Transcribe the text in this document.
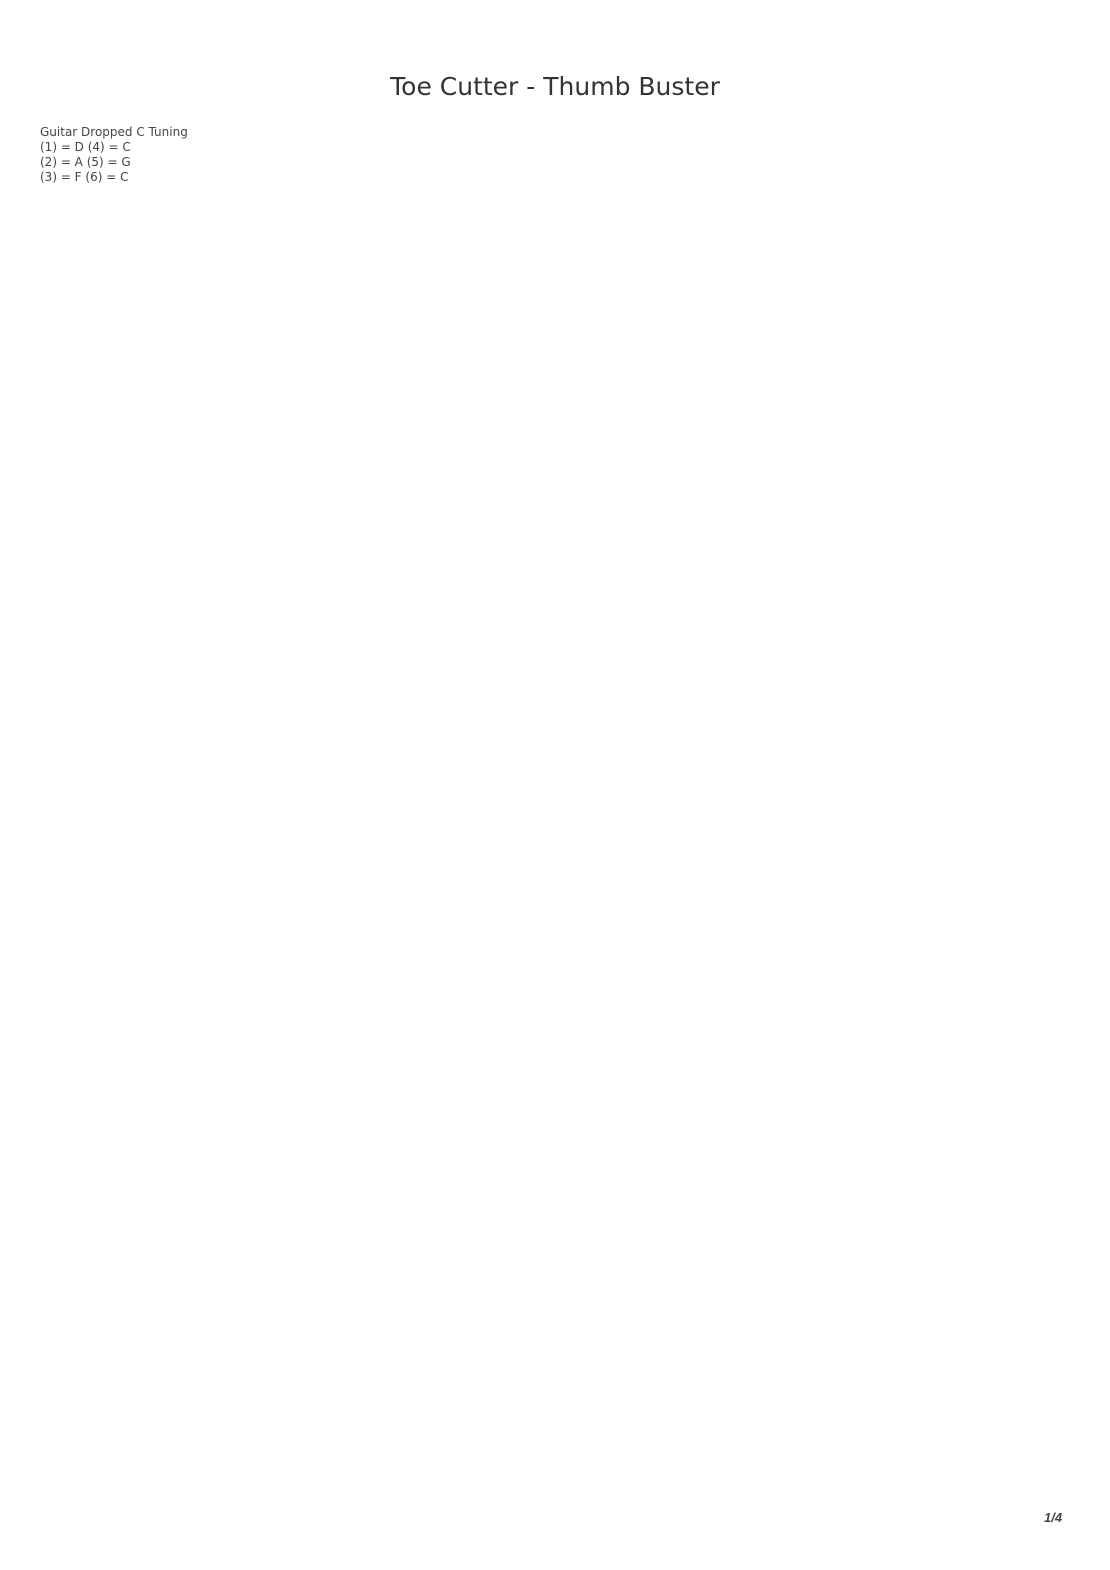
Toe Cutter - Thumb Buster
Guitar Dropped C Tuning
(1) = D (4) = C
(2) = A (5) = G
(3) = F (6) = C
1/4
